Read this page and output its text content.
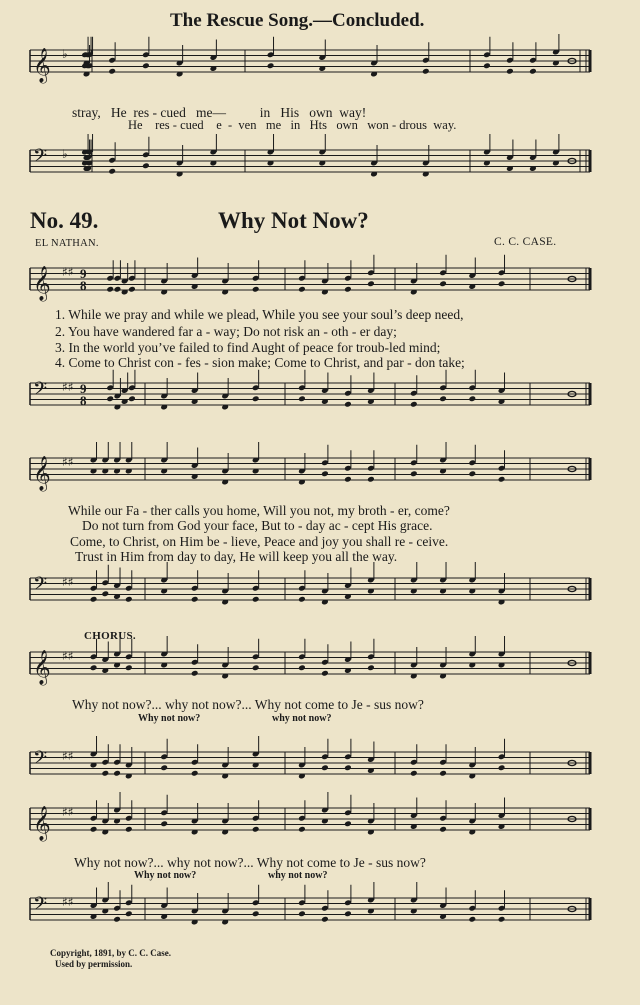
𝄞 ♭
𝄢 ♭
𝄞 ♯♯ 9
8
𝄢 ♯♯ 9
8
𝄞 ♯♯
𝄢 ♯♯
𝄞 ♯♯
𝄢 ♯♯
𝄞 ♯♯
𝄢 ♯♯
The Rescue Song.—Concluded.
stray, He res - cued me—	in His own way!
He res - cued e - ven me in Hts own won - drous way.
No. 49.	Why Not Now?
EL NATHAN.	C. C. CASE.
1. While we pray and while we plead, While you see your soul’s deep need,
2. You have wandered far a - way; Do not risk an - oth - er day;
3. In the world you’ve failed to find Aught of peace for troub-led mind;
4. Come to Christ con - fes - sion make; Come to Christ, and par - don take;
While our Fa - ther calls you home, Will you not, my broth - er, come?
Do not turn from God your face, But to - day ac - cept His grace.
Come, to Christ, on Him be - lieve, Peace and joy you shall re - ceive.
Trust in Him from day to day, He will keep you all the way.
CHORUS.
Why not now?... why not now?... Why not come to Je - sus now?
Why not now?	why not now?
Why not now?... why not now?... Why not come to Je - sus now?
Why not now?	why not now?
Copyright, 1891, by C. C. Case.
Used by permission.
